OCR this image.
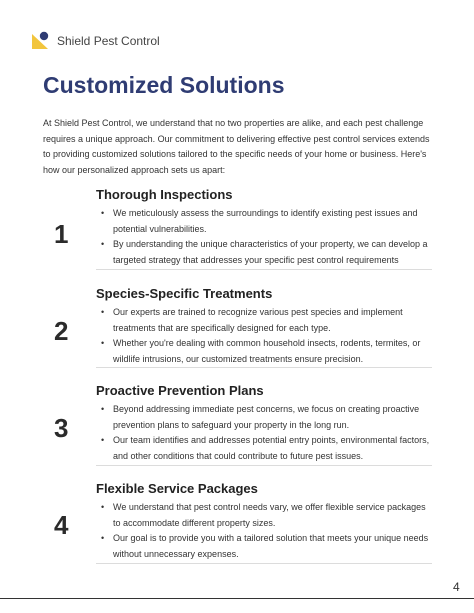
Shield Pest Control
Customized Solutions

At Shield Pest Control, we understand that no two properties are alike, and each pest challenge requires a unique approach. Our commitment to delivering effective pest control services extends to providing customized solutions tailored to the specific needs of your home or business. Here's how our personalized approach sets us apart:

1
Thorough Inspections
• We meticulously assess the surroundings to identify existing pest issues and potential vulnerabilities.
• By understanding the unique characteristics of your property, we can develop a targeted strategy that addresses your specific pest control requirements
2
Species-Specific Treatments
• Our experts are trained to recognize various pest species and implement treatments that are specifically designed for each type.
• Whether you're dealing with common household insects, rodents, termites, or wildlife intrusions, our customized treatments ensure precision.
3
Proactive Prevention Plans
• Beyond addressing immediate pest concerns, we focus on creating proactive prevention plans to safeguard your property in the long run.
• Our team identifies and addresses potential entry points, environmental factors, and other conditions that could contribute to future pest issues.
4
Flexible Service Packages
• We understand that pest control needs vary, we offer flexible service packages to accommodate different property sizes.
• Our goal is to provide you with a tailored solution that meets your unique needs without unnecessary expenses.
4
